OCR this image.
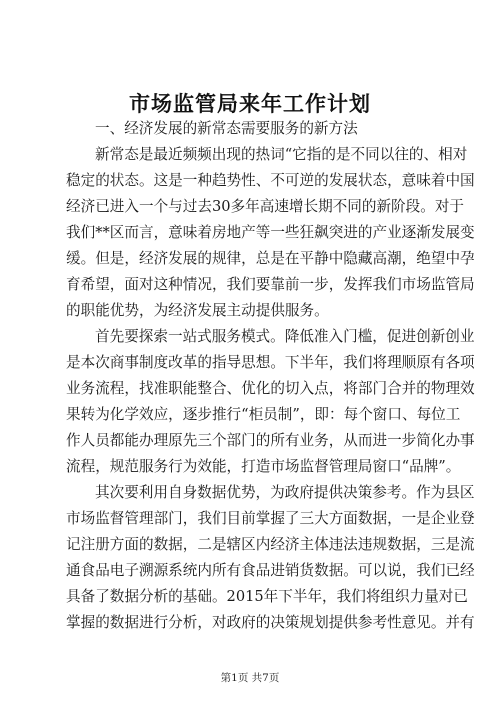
市场监管局来年工作计划
一、经济发展的新常态需要服务的新方法
新常态是最近频频出现的热词“它指的是不同以往的、相对
稳定的状态。这是一种趋势性、不可逆的发展状态，意味着中国
经济已进入一个与过去30多年高速增长期不同的新阶段。对于
我们**区而言，意味着房地产等一些狂飙突进的产业逐渐发展变
缓。但是，经济发展的规律，总是在平静中隐藏高潮，绝望中孕
育希望，面对这种情况，我们要靠前一步，发挥我们市场监管局
的职能优势，为经济发展主动提供服务。
首先要探索一站式服务模式。降低准入门槛，促进创新创业
是本次商事制度改革的指导思想。下半年，我们将理顺原有各项
业务流程，找准职能整合、优化的切入点，将部门合并的物理效
果转为化学效应，逐步推行“柜员制”，即：每个窗口、每位工
作人员都能办理原先三个部门的所有业务，从而进一步简化办事
流程，规范服务行为效能，打造市场监督管理局窗口“品牌”。
其次要利用自身数据优势，为政府提供决策参考。作为县区
市场监督管理部门，我们目前掌握了三大方面数据，一是企业登
记注册方面的数据，二是辖区内经济主体违法违规数据，三是流
通食品电子溯源系统内所有食品进销货数据。可以说，我们已经
具备了数据分析的基础。2015年下半年，我们将组织力量对已
掌握的数据进行分析，对政府的决策规划提供参考性意见。并有
第1页 共7页
